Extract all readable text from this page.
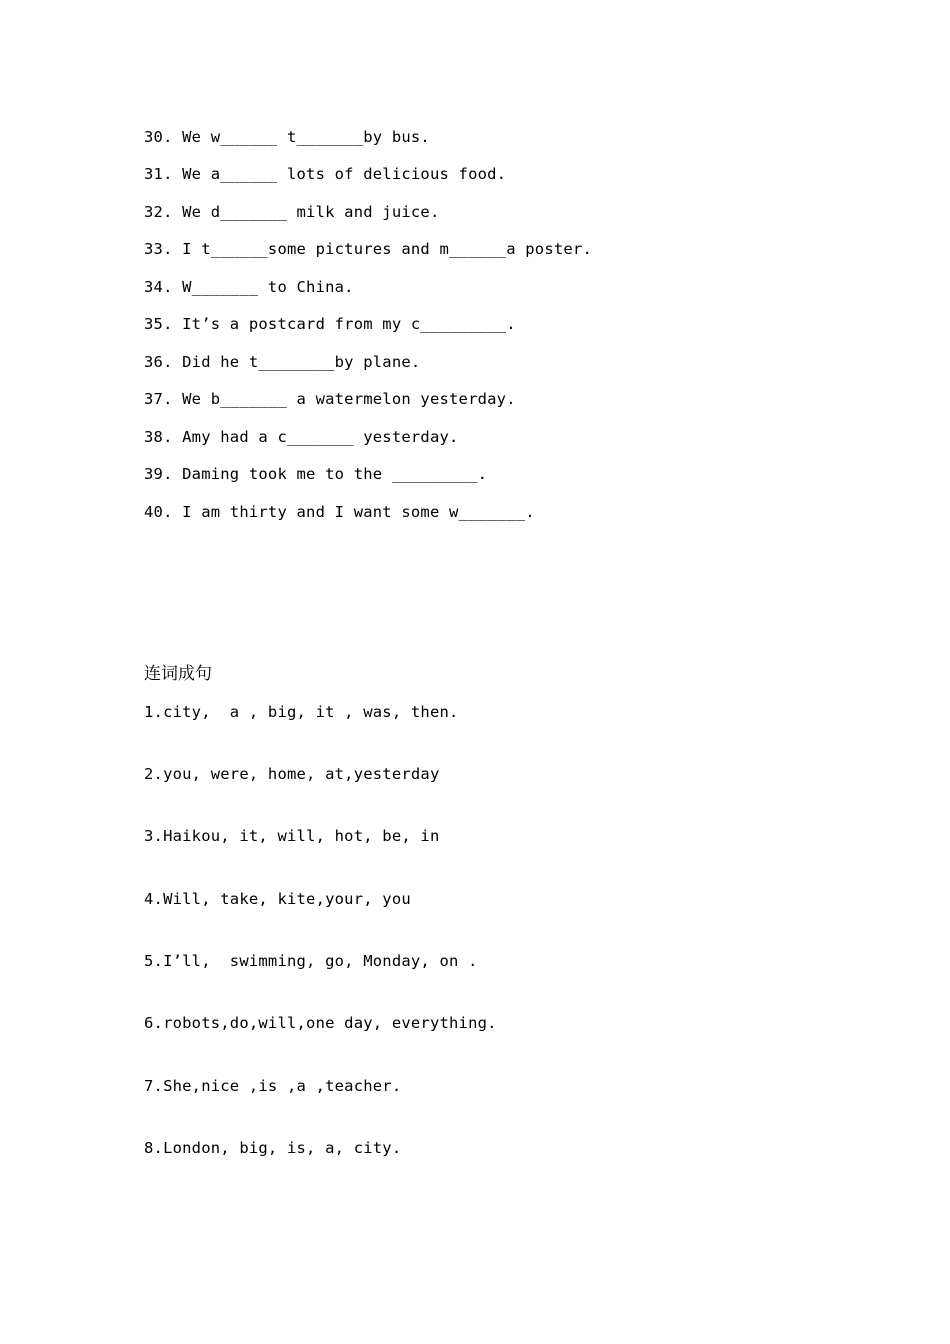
30. We w______ t_______by bus.
31. We a______ lots of delicious food.
32. We d_______ milk and juice.
33. I t______some pictures and m______a poster.
34. W_______ to China.
35. It’s a postcard from my c_________.
36. Did he t________by plane.
37. We b_______ a watermelon yesterday.
38. Amy had a c_______ yesterday.
39. Daming took me to the _________.
40. I am thirty and I want some w_______.
连词成句
1.city,  a , big, it , was, then.
2.you, were, home, at,yesterday
3.Haikou, it, will, hot, be, in
4.Will, take, kite,your, you
5.I’ll,  swimming, go, Monday, on .
6.robots,do,will,one day, everything.
7.She,nice ,is ,a ,teacher.
8.London, big, is, a, city.
